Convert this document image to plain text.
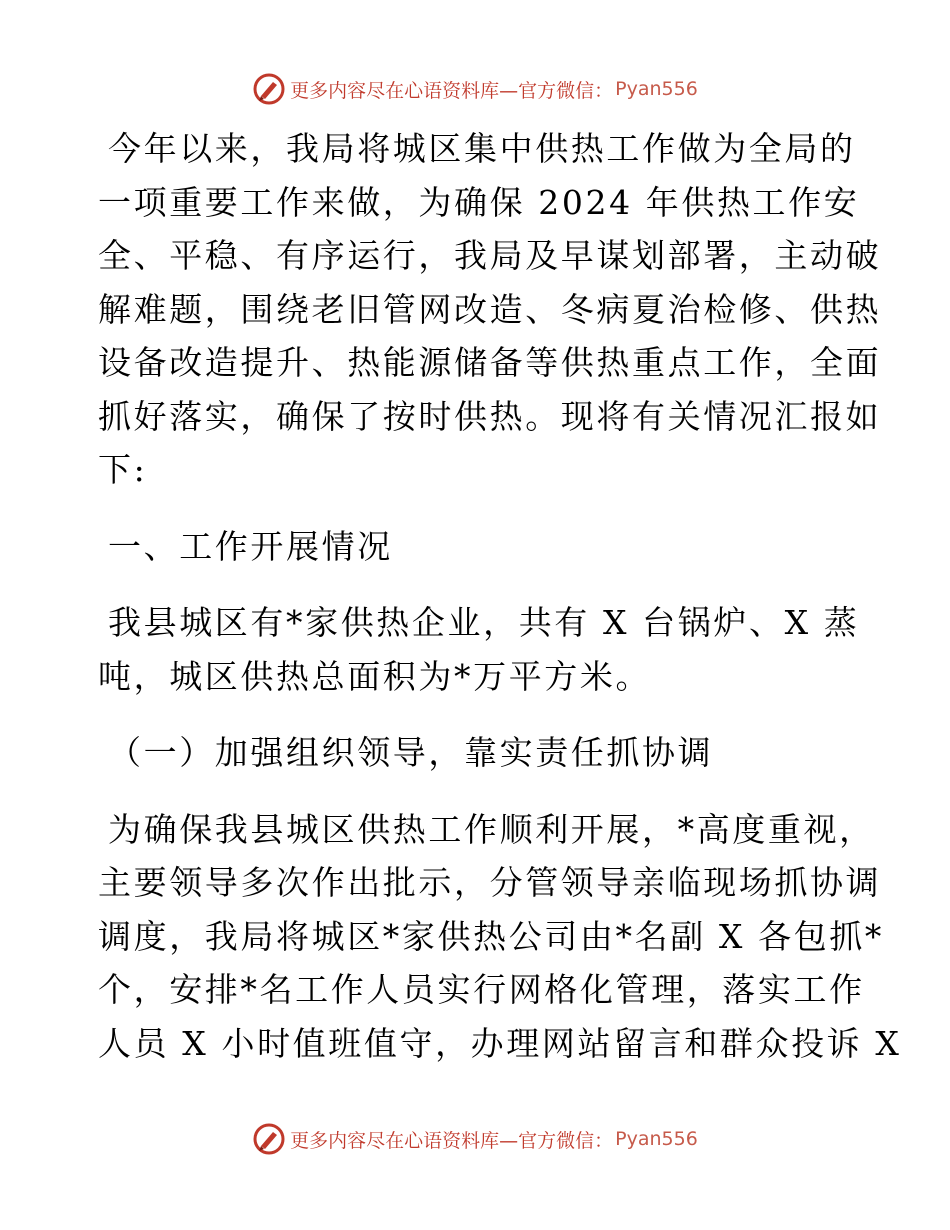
更多内容尽在心语资料库—官方微信： Pyan556

今年以来，我局将城区集中供热工作做为全局的

一项重要工作来做，为确保 2024 年供热工作安

全、平稳、有序运行，我局及早谋划部署，主动破

解难题，围绕老旧管网改造、冬病夏治检修、供热

设备改造提升、热能源储备等供热重点工作，全面

抓好落实，确保了按时供热。现将有关情况汇报如

下:

一、工作开展情况

我县城区有*家供热企业，共有 X 台锅炉、X 蒸

吨，城区供热总面积为*万平方米。

（一）加强组织领导，靠实责任抓协调

为确保我县城区供热工作顺利开展，*高度重视，

主要领导多次作出批示，分管领导亲临现场抓协调

调度，我局将城区*家供热公司由*名副 X 各包抓*

个，安排*名工作人员实行网格化管理，落实工作

人员 X 小时值班值守，办理网站留言和群众投诉 X

更多内容尽在心语资料库—官方微信： Pyan556
